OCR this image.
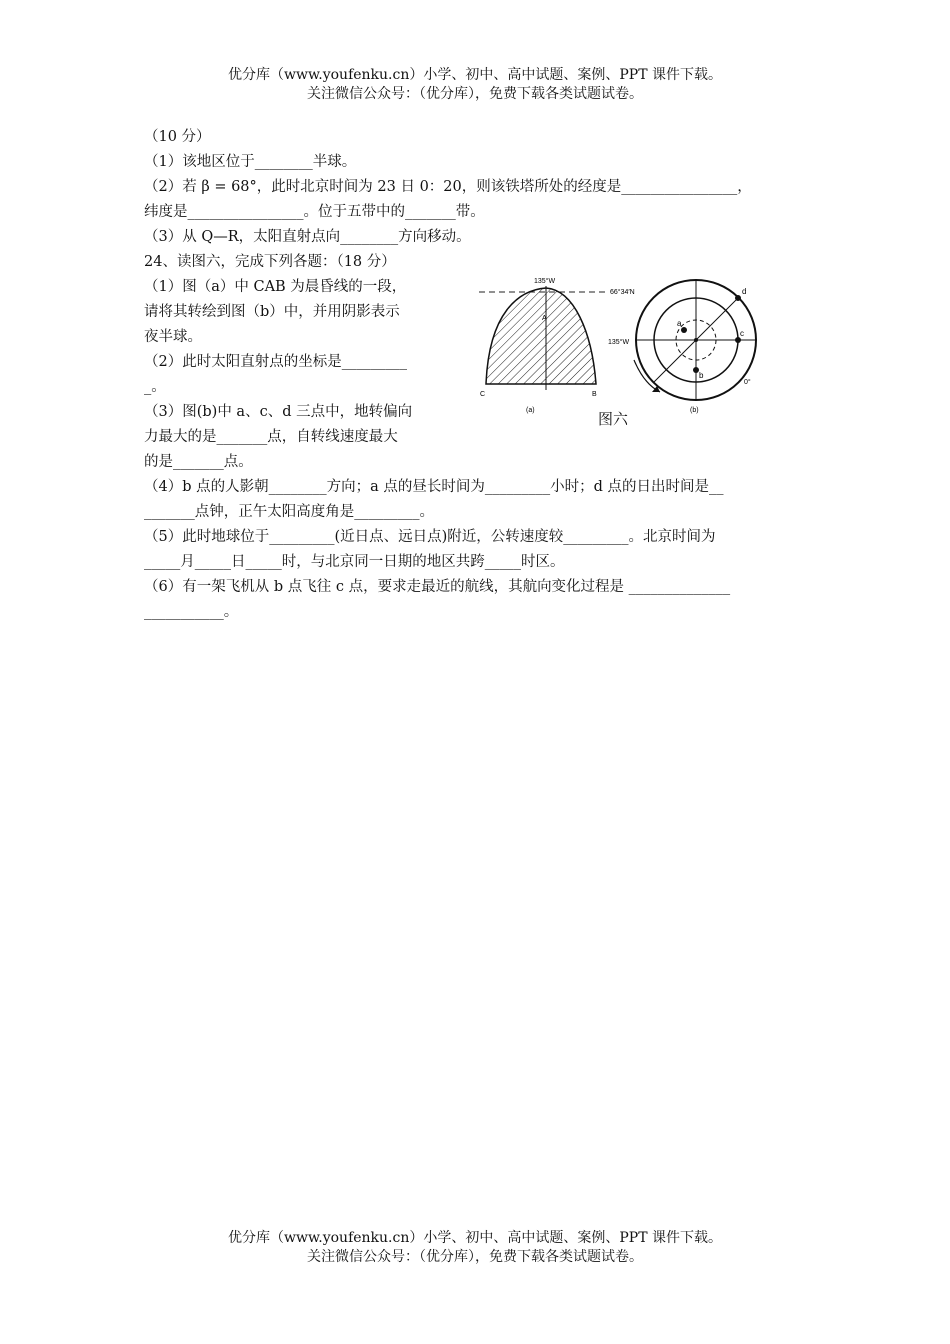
优分库（www.youfenku.cn）小学、初中、高中试题、案例、PPT 课件下载。
关注微信公众号：（优分库），免费下载各类试题试卷。
（10 分）
（1）该地区位于________半球。
（2）若 β = 68°，此时北京时间为 23 日 0：20，则该铁塔所处的经度是________________，
纬度是________________。位于五带中的_______带。
（3）从 Q—R，太阳直射点向________方向移动。
24、读图六，完成下列各题：（18 分）
（1）图（a）中 CAB 为晨昏线的一段，
请将其转绘到图（b）中，并用阴影表示
夜半球。
（2）此时太阳直射点的坐标是_________
_。
（3）图(b)中 a、c、d 三点中，地转偏向
力最大的是_______点，自转线速度最大
的是_______点。
（4）b 点的人影朝________方向；a 点的昼长时间为_________小时；d 点的日出时间是__
_______点钟，正午太阳高度角是_________。
（5）此时地球位于_________(近日点、远日点)附近，公转速度较_________。北京时间为
_____月_____日_____时，与北京同一日期的地区共跨_____时区。
（6）有一架飞机从 b 点飞往 c 点，要求走最近的航线，其航向变化过程是 ______________
___________。
135°W
A
C	B
(a)
66°34′N	d
c
b
a
135°W
0°
(b)
图六
优分库（www.youfenku.cn）小学、初中、高中试题、案例、PPT 课件下载。
关注微信公众号：（优分库），免费下载各类试题试卷。
